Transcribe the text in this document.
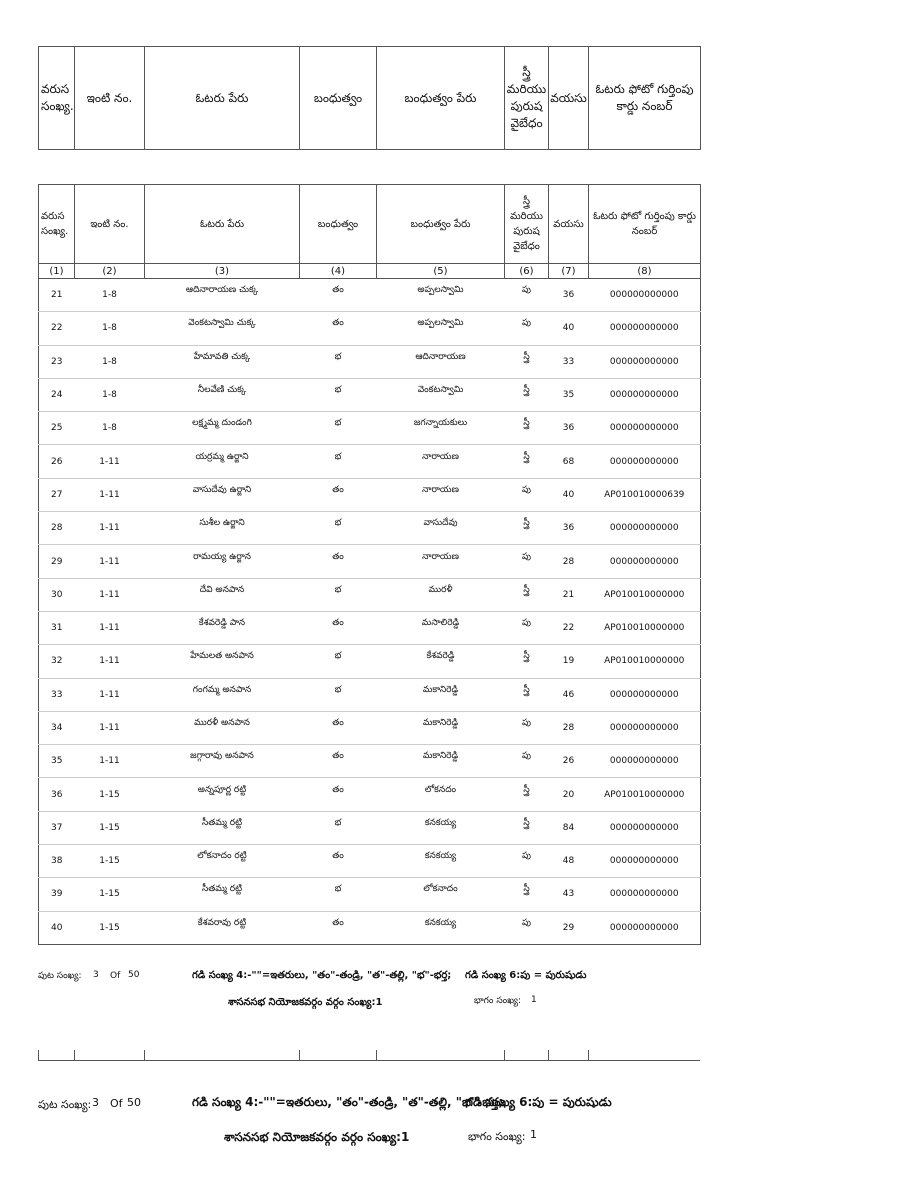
వరుస సంఖ్య.	ఇంటి నం.	ఓటరు పేరు	బంధుత్వం	బంధుత్వం పేరు	స్త్రీ మరియు పురుష వైబేధం	వయసు	ఓటరు ఫోటో గుర్తింపు కార్డు నంబర్
వరుస సంఖ్య.	ఇంటి నం.	ఓటరు పేరు	బంధుత్వం	బంధుత్వం పేరు	స్త్రీ మరియు పురుష వైబేధం	వయసు	ఓటరు ఫోటో గుర్తింపు కార్డు నంబర్
(1)	(2)	(3)	(4)	(5)	(6)	(7)	(8)
21	1-8	ఆదినారాయణ చుక్క	తం	అప్పలస్వామి	పు	36	000000000000
22	1-8	వెంకటస్వామి చుక్క	తం	అప్పలస్వామి	పు	40	000000000000
23	1-8	హేమావతి చుక్క	భ	ఆదినారాయణ	స్త్రీ	33	000000000000
24	1-8	నీలవేణి చుక్క	భ	వెంకటస్వామి	స్త్రీ	35	000000000000
25	1-8	లక్ష్మమ్మ దుండంగి	భ	జగన్నాయకులు	స్త్రీ	36	000000000000
26	1-11	యర్రమ్మ ఉర్జాని	భ	నారాయణ	స్త్రీ	68	000000000000
27	1-11	వాసుదేవు ఉర్జాని	తం	నారాయణ	పు	40	AP010010000639
28	1-11	సుశీల ఉర్జాని	భ	వాసుదేవు	స్త్రీ	36	000000000000
29	1-11	రామయ్య ఉర్జాన	తం	నారాయణ	పు	28	000000000000
30	1-11	దేవి అనపాన	భ	మురళీ	స్త్రీ	21	AP010010000000
31	1-11	కేశవరెడ్డి పాన	తం	మసాలిరెడ్డి	పు	22	AP010010000000
32	1-11	హేమలత అనపాన	భ	కేశవరెడ్డి	స్త్రీ	19	AP010010000000
33	1-11	గంగమ్మ అనపాన	భ	మకానిరెడ్డి	స్త్రీ	46	000000000000
34	1-11	మురళీ అనపాన	తం	మకానిరెడ్డి	పు	28	000000000000
35	1-11	జగ్గారావు అనపాన	తం	మకానిరెడ్డి	పు	26	000000000000
36	1-15	అన్నపూర్ణ రట్టి	తం	లోకనదం	స్త్రీ	20	AP010010000000
37	1-15	సీతమ్మ రట్టి	భ	కనకయ్య	స్త్రీ	84	000000000000
38	1-15	లోకనాదం రట్టి	తం	కనకయ్య	పు	48	000000000000
39	1-15	సీతమ్మ రట్టి	భ	లోకనాదం	స్త్రీ	43	000000000000
40	1-15	కేశవరావు రట్టి	తం	కనకయ్య	పు	29	000000000000
పుట సంఖ్య: 3 Of 50	గడి సంఖ్య 4:-""=ఇతరులు, "తం"-తండ్రి, "త"-తల్లి, "భ"-భర్త; గడి సంఖ్య 6:పు = పురుషుడు
శాసనసభ నియోజకవర్గం వర్గం సంఖ్య:1	భాగం సంఖ్య: 1
పుట సంఖ్య: 3 Of 50	గడి సంఖ్య 4:-""=ఇతరులు, "తం"-తండ్రి, "త"-తల్లి, "భ"-భర్త;
గడి సంఖ్య 6:పు = పురుషుడు
శాసనసభ నియోజకవర్గం వర్గం సంఖ్య:1	భాగం సంఖ్య: 1
